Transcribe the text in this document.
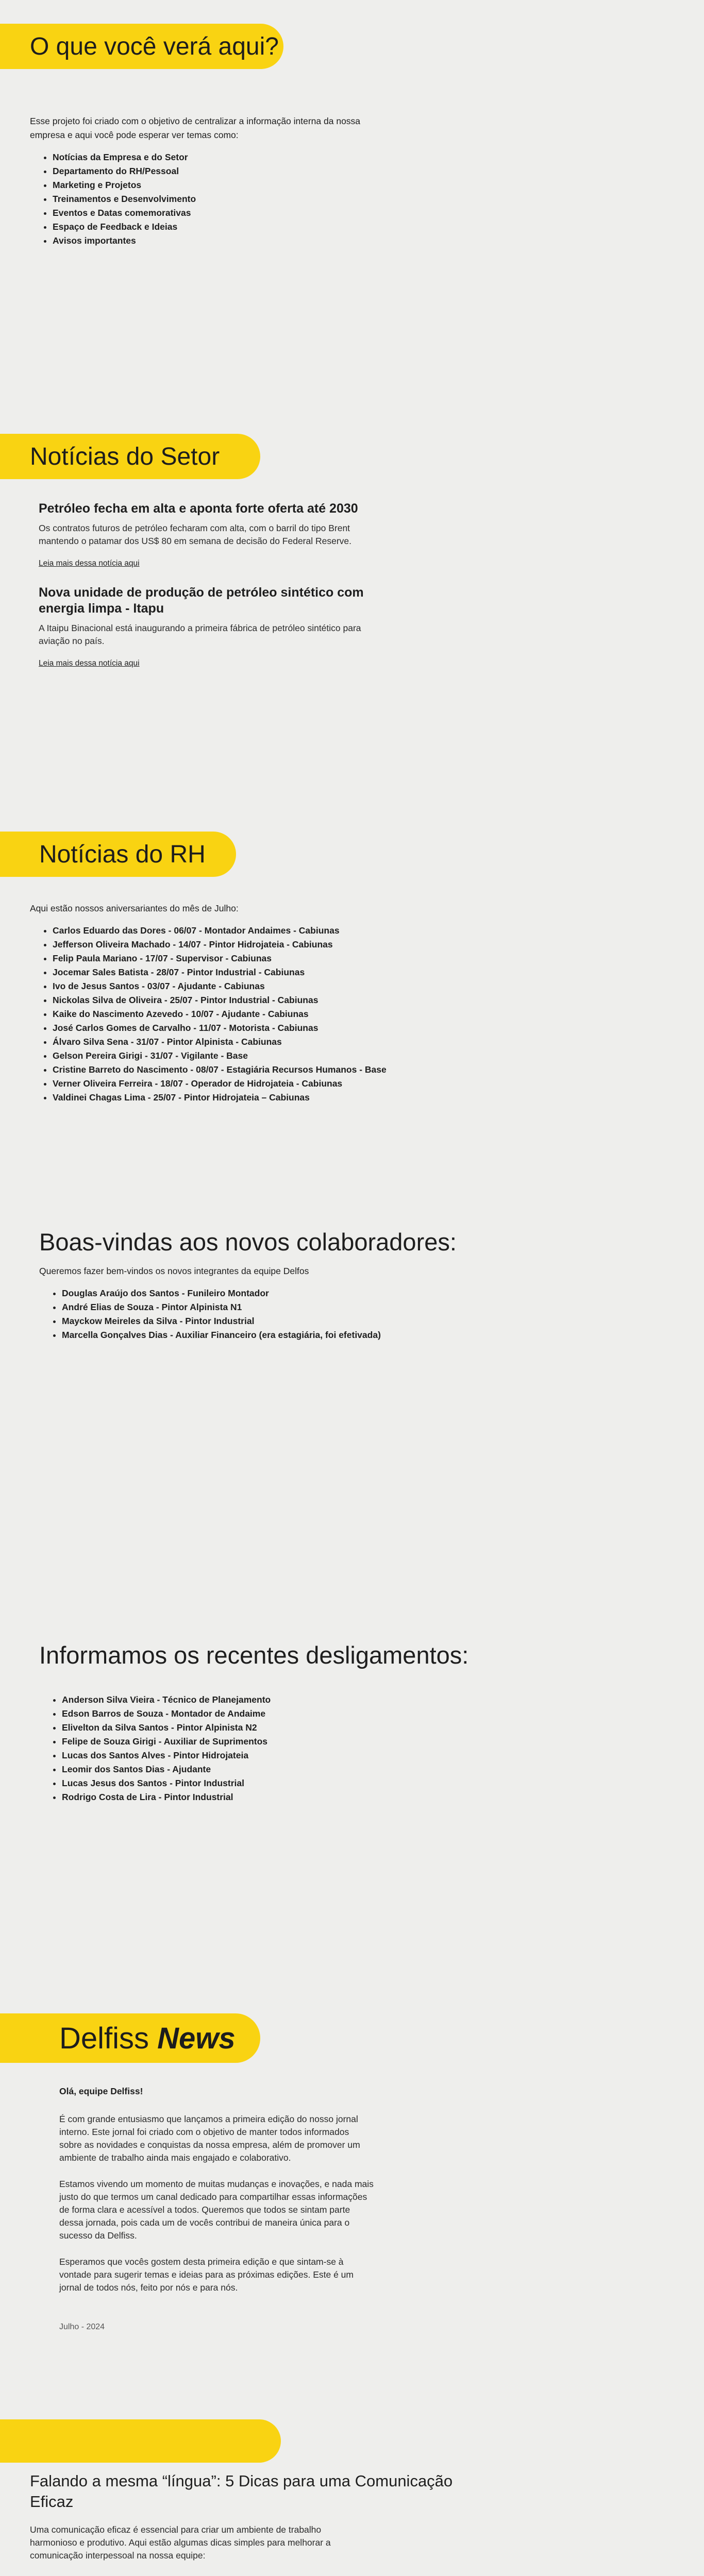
O que você verá aqui?

Esse projeto foi criado com o objetivo de centralizar a informação interna da nossa empresa e aqui você pode esperar ver temas como:

• Notícias da Empresa e do Setor
• Departamento do RH/Pessoal
• Marketing e Projetos
• Treinamentos e Desenvolvimento
• Eventos e Datas comemorativas
• Espaço de Feedback e Ideias
• Avisos importantes
Notícias do Setor
Petróleo fecha em alta e aponta forte oferta até 2030

Os contratos futuros de petróleo fecharam com alta, com o barril do tipo Brent mantendo o patamar dos US$ 80 em semana de decisão do Federal Reserve.

Leia mais dessa notícia aqui
Nova unidade de produção de petróleo sintético com energia limpa - Itapu

A Itaipu Binacional está inaugurando a primeira fábrica de petróleo sintético para aviação no país.

Leia mais dessa notícia aqui
Notícias do RH

Aqui estão nossos aniversariantes do mês de Julho:

• Carlos Eduardo das Dores - 06/07 - Montador Andaimes - Cabiunas
• Jefferson Oliveira Machado - 14/07 - Pintor Hidrojateia - Cabiunas
• Felip Paula Mariano - 17/07 - Supervisor - Cabiunas
• Jocemar Sales Batista - 28/07 - Pintor Industrial - Cabiunas
• Ivo de Jesus Santos - 03/07 - Ajudante - Cabiunas
• Nickolas Silva de Oliveira - 25/07 - Pintor Industrial - Cabiunas
• Kaike do Nascimento Azevedo - 10/07 - Ajudante - Cabiunas
• José Carlos Gomes de Carvalho - 11/07 - Motorista - Cabiunas
• Álvaro Silva Sena - 31/07 - Pintor Alpinista - Cabiunas
• Gelson Pereira Girigi - 31/07 - Vigilante - Base
• Cristine Barreto do Nascimento - 08/07 - Estagiária Recursos Humanos - Base
• Verner Oliveira Ferreira - 18/07 - Operador de Hidrojateia - Cabiunas
• Valdinei Chagas Lima - 25/07 - Pintor Hidrojateia – Cabiunas
Boas-vindas aos novos colaboradores:

Queremos fazer bem-vindos os novos integrantes da equipe Delfos

• Douglas Araújo dos Santos - Funileiro Montador
• André Elias de Souza - Pintor Alpinista N1
• Mayckow Meireles da Silva - Pintor Industrial
• Marcella Gonçalves Dias - Auxiliar Financeiro (era estagiária, foi efetivada)
Informamos os recentes desligamentos:
• Anderson Silva Vieira - Técnico de Planejamento
• Edson Barros de Souza - Montador de Andaime
• Elivelton da Silva Santos - Pintor Alpinista N2
• Felipe de Souza Girigi - Auxiliar de Suprimentos
• Lucas dos Santos Alves - Pintor Hidrojateia
• Leomir dos Santos Dias - Ajudante
• Lucas Jesus dos Santos - Pintor Industrial
• Rodrigo Costa de Lira - Pintor Industrial
Delfiss News

Olá, equipe Delfiss!

É com grande entusiasmo que lançamos a primeira edição do nosso jornal interno. Este jornal foi criado com o objetivo de manter todos informados sobre as novidades e conquistas da nossa empresa, além de promover um ambiente de trabalho ainda mais engajado e colaborativo.

Estamos vivendo um momento de muitas mudanças e inovações, e nada mais justo do que termos um canal dedicado para compartilhar essas informações de forma clara e acessível a todos. Queremos que todos se sintam parte dessa jornada, pois cada um de vocês contribui de maneira única para o sucesso da Delfiss.

Esperamos que vocês gostem desta primeira edição e que sintam-se à vontade para sugerir temas e ideias para as próximas edições. Este é um jornal de todos nós, feito por nós e para nós.

Julho - 2024

Falando a mesma “língua”: 5 Dicas para uma Comunicação Eficaz

Uma comunicação eficaz é essencial para criar um ambiente de trabalho harmonioso e produtivo. Aqui estão algumas dicas simples para melhorar a comunicação interpessoal na nossa equipe:
